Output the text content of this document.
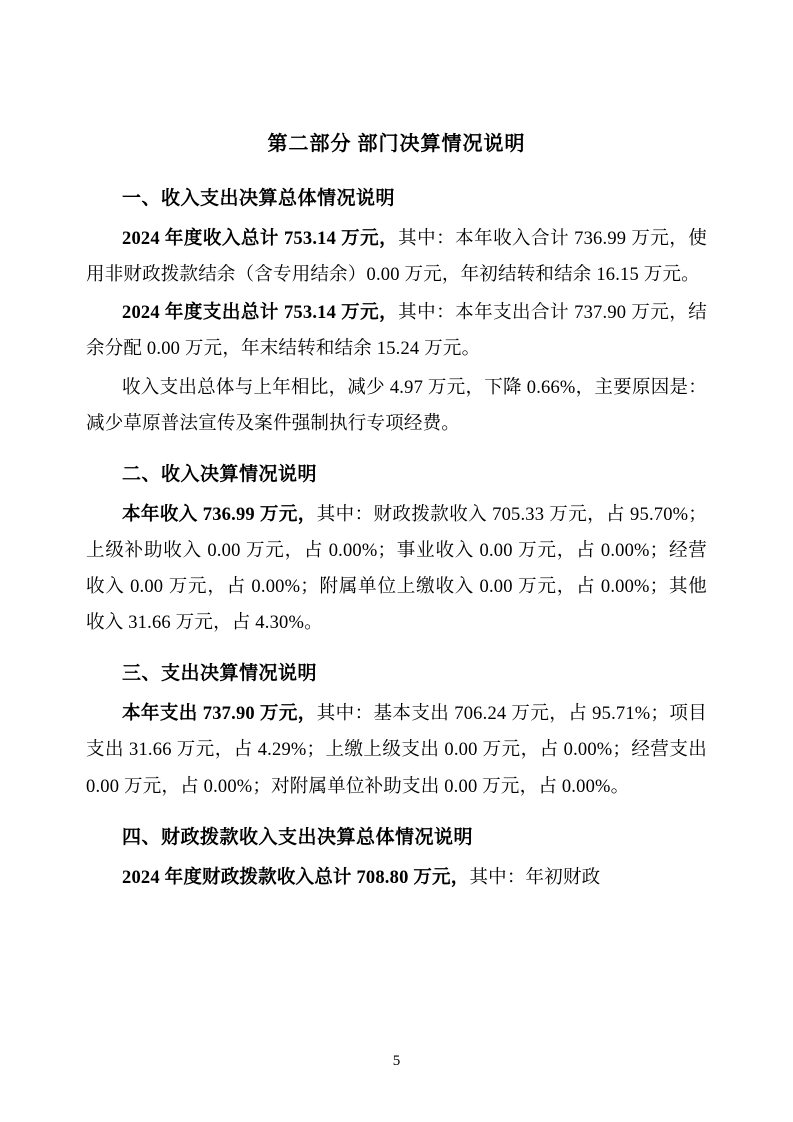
第二部分 部门决算情况说明
一、收入支出决算总体情况说明

2024 年度收入总计 753.14 万元，其中：本年收入合计 736.99 万元，使用非财政拨款结余（含专用结余）0.00 万元，年初结转和结余 16.15 万元。

2024 年度支出总计 753.14 万元，其中：本年支出合计 737.90 万元，结余分配 0.00 万元，年末结转和结余 15.24 万元。

收入支出总体与上年相比，减少 4.97 万元，下降 0.66%，主要原因是：减少草原普法宣传及案件强制执行专项经费。

二、收入决算情况说明

本年收入 736.99 万元，其中：财政拨款收入 705.33 万元，占 95.70%；上级补助收入 0.00 万元，占 0.00%；事业收入 0.00 万元，占 0.00%；经营收入 0.00 万元，占 0.00%；附属单位上缴收入 0.00 万元，占 0.00%；其他收入 31.66 万元，占 4.30%。

三、支出决算情况说明

本年支出 737.90 万元，其中：基本支出 706.24 万元，占 95.71%；项目支出 31.66 万元，占 4.29%；上缴上级支出 0.00 万元，占 0.00%；经营支出 0.00 万元，占 0.00%；对附属单位补助支出 0.00 万元，占 0.00%。

四、财政拨款收入支出决算总体情况说明

2024 年度财政拨款收入总计 708.80 万元，其中：年初财政

5
